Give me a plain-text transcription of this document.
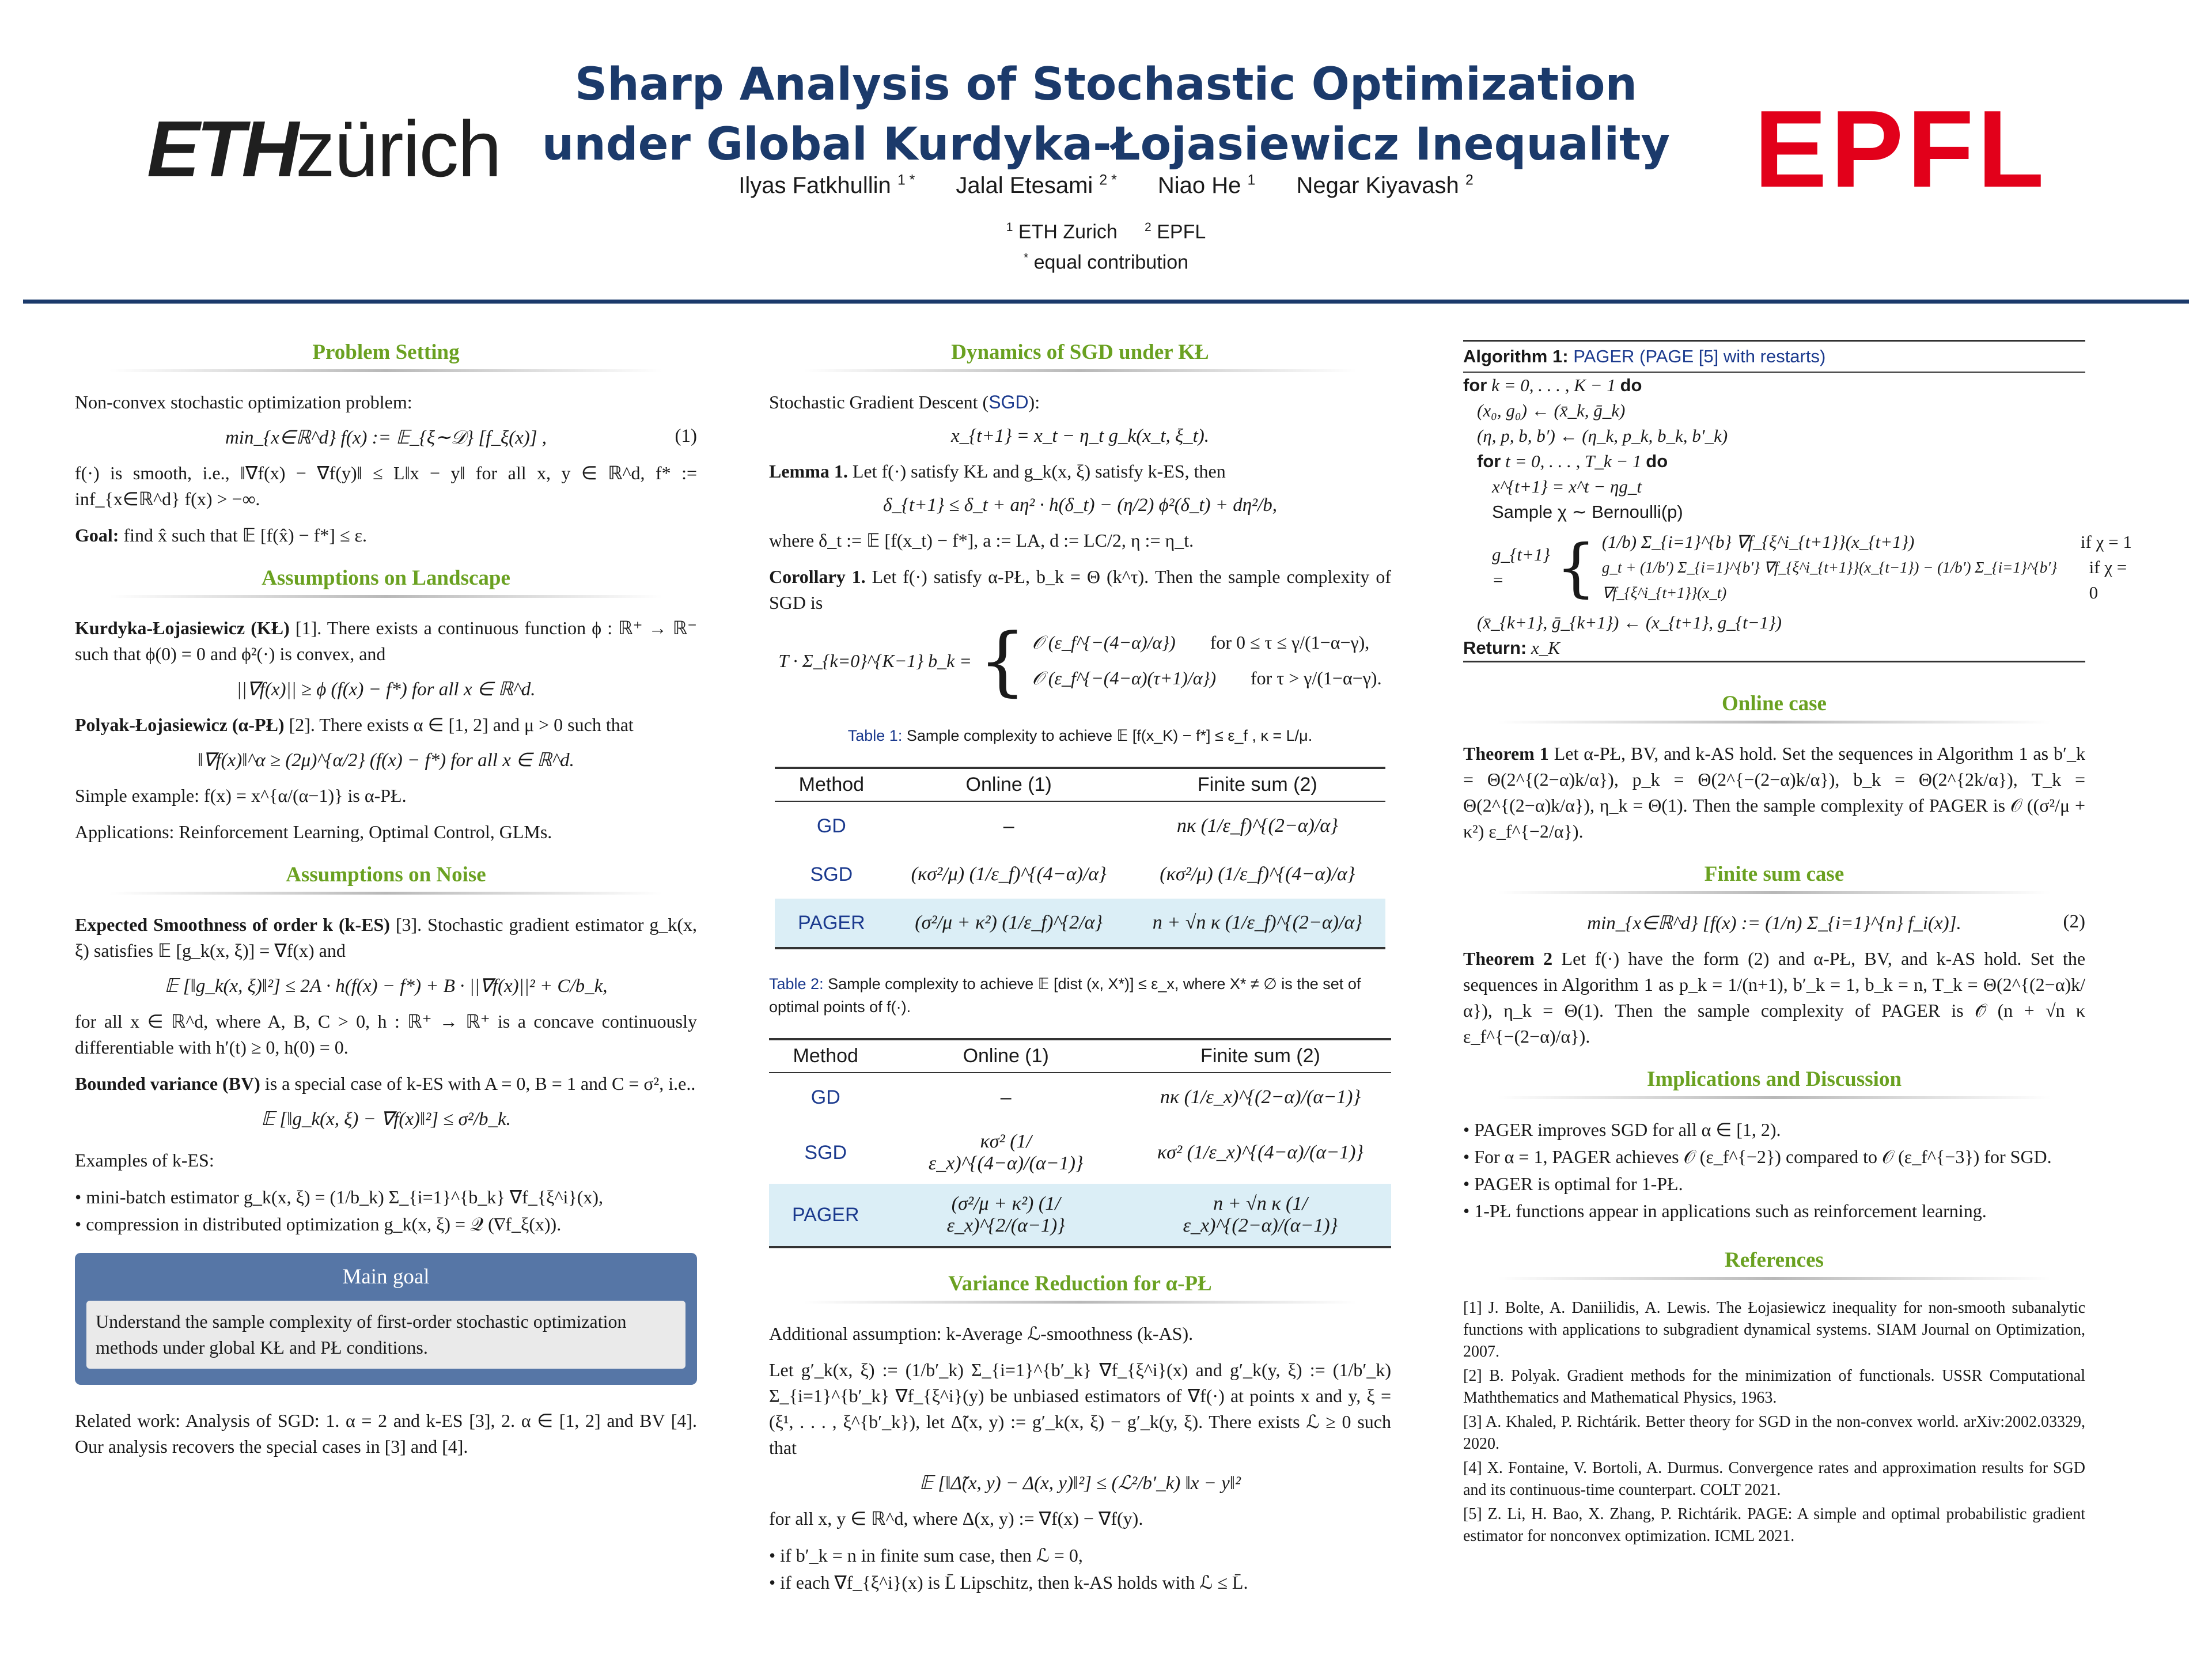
ETHzürich
Sharp Analysis of Stochastic Optimization
under Global Kurdyka-Łojasiewicz Inequality
Ilyas Fatkhullin $^{1 *}$ Jalal Etesami $^{2 *}$ Niao He $^1$ Negar Kiyavash $^2$
$^1$ ETH Zurich $^2$ EPFL
* equal contribution
EPFL
Problem Setting

Non-convex stochastic optimization problem:

min_{x∈ℝ^d} f(x) := 𝔼_{ξ∼𝒟} [f_ξ(x)] ,	(1)

f(·) is smooth, i.e., ‖∇f(x) − ∇f(y)‖ ≤ L‖x − y‖ for all x, y ∈ ℝ^d, f* := inf_{x∈ℝ^d} f(x) > −∞.

Goal: find x̂ such that 𝔼 [f(x̂) − f*] ≤ ε.

Assumptions on Landscape

Kurdyka-Łojasiewicz (KŁ) [1]. There exists a continuous function ϕ : ℝ⁺ → ℝ⁻ such that ϕ(0) = 0 and ϕ²(·) is convex, and

||∇f(x)|| ≥ ϕ (f(x) − f*) for all x ∈ ℝ^d.

Polyak-Łojasiewicz (α-PŁ) [2]. There exists α ∈ [1, 2] and μ > 0 such that

‖∇f(x)‖^α ≥ (2μ)^{α/2} (f(x) − f*) for all x ∈ ℝ^d.

Simple example: f(x) = x^{α/(α−1)} is α-PŁ.

Applications: Reinforcement Learning, Optimal Control, GLMs.

Assumptions on Noise

Expected Smoothness of order k (k-ES) [3]. Stochastic gradient estimator g_k(x, ξ) satisfies 𝔼 [g_k(x, ξ)] = ∇f(x) and

𝔼 [‖g_k(x, ξ)‖²] ≤ 2A · h(f(x) − f*) + B · ||∇f(x)||² + C/b_k,

for all x ∈ ℝ^d, where A, B, C > 0, h : ℝ⁺ → ℝ⁺ is a concave continuously differentiable with h′(t) ≥ 0, h(0) = 0.

Bounded variance (BV) is a special case of k-ES with A = 0, B = 1 and C = σ², i.e..

𝔼 [‖g_k(x, ξ) − ∇f(x)‖²] ≤ σ²/b_k.

Examples of k-ES:

• mini-batch estimator g_k(x, ξ) = (1/b_k) Σ_{i=1}^{b_k} ∇f_{ξ^i}(x),
• compression in distributed optimization g_k(x, ξ) = 𝒬 (∇f_ξ(x)).
Main goal
Understand the sample complexity of first-order stochastic optimization methods under global KŁ and PŁ conditions.

Related work: Analysis of SGD: 1. α = 2 and k-ES [3], 2. α ∈ [1, 2] and BV [4]. Our analysis recovers the special cases in [3] and [4].

Dynamics of SGD under KŁ

Stochastic Gradient Descent (SGD):

x_{t+1} = x_t − η_t g_k(x_t, ξ_t).

Lemma 1. Let f(·) satisfy KŁ and g_k(x, ξ) satisfy k-ES, then

δ_{t+1} ≤ δ_t + aη² · h(δ_t) − (η/2) ϕ²(δ_t) + dη²/b,

where δ_t := 𝔼 [f(x_t) − f*], a := LA, d := LC/2, η := η_t.

Corollary 1. Let f(·) satisfy α-PŁ, b_k = Θ (k^τ). Then the sample complexity of SGD is

T · Σ_{k=0}^{K−1} b_k = { 𝒪 (ε_f^{−(4−α)/α}) for 0 ≤ τ ≤ γ/(1−α−γ),
𝒪 (ε_f^{−(4−α)(τ+1)/α}) for τ > γ/(1−α−γ).

Table 1: Sample complexity to achieve 𝔼 [f(x_K) − f*] ≤ ε_f , κ = L/μ.

Method	Online (1)	Finite sum (2)
GD	–	nκ (1/ε_f)^{(2−α)/α}
SGD	(κσ²/μ) (1/ε_f)^{(4−α)/α}	(κσ²/μ) (1/ε_f)^{(4−α)/α}
PAGER	(σ²/μ + κ²) (1/ε_f)^{2/α}	n + √n κ (1/ε_f)^{(2−α)/α}

Table 2: Sample complexity to achieve 𝔼 [dist (x, X*)] ≤ ε_x, where X* ≠ ∅ is the set of optimal points of f(·).

Method	Online (1)	Finite sum (2)
GD	–	nκ (1/ε_x)^{(2−α)/(α−1)}
SGD	κσ² (1/ε_x)^{(4−α)/(α−1)}	κσ² (1/ε_x)^{(4−α)/(α−1)}
PAGER	(σ²/μ + κ²) (1/ε_x)^{2/(α−1)}	n + √n κ (1/ε_x)^{(2−α)/(α−1)}
Variance Reduction for α-PŁ

Additional assumption: k-Average ℒ-smoothness (k-AS).

Let g′_k(x, ξ) := (1/b′_k) Σ_{i=1}^{b′_k} ∇f_{ξ^i}(x) and g′_k(y, ξ) := (1/b′_k) Σ_{i=1}^{b′_k} ∇f_{ξ^i}(y) be unbiased estimators of ∇f(·) at points x and y, ξ = (ξ¹, . . . , ξ^{b′_k}), let Δ̃(x, y) := g′_k(x, ξ) − g′_k(y, ξ). There exists ℒ ≥ 0 such that

𝔼 [‖Δ̃(x, y) − Δ(x, y)‖²] ≤ (ℒ²/b′_k) ‖x − y‖²

for all x, y ∈ ℝ^d, where Δ(x, y) := ∇f(x) − ∇f(y).

• if b′_k = n in finite sum case, then ℒ = 0,
• if each ∇f_{ξ^i}(x) is L̄ Lipschitz, then k-AS holds with ℒ ≤ L̄.
Algorithm 1: PAGER (PAGE [5] with restarts)
for k = 0, . . . , K − 1 do
(x₀, g₀) ← (x̄_k, ḡ_k)
(η, p, b, b′) ← (η_k, p_k, b_k, b′_k)
for t = 0, . . . , T_k − 1 do
x^{t+1} = x^t − ηg_t
Sample χ ∼ Bernoulli(p)
g_{t+1} = { (1/b) Σ_{i=1}^{b} ∇f_{ξ^i_{t+1}}(x_{t+1})	if χ = 1
g_t + (1/b′) Σ_{i=1}^{b′} ∇f_{ξ^i_{t+1}}(x_{t−1}) − (1/b′) Σ_{i=1}^{b′} ∇f_{ξ^i_{t+1}}(x_t)
if χ = 0
(x̄_{k+1}, ḡ_{k+1}) ← (x_{t+1}, g_{t−1})
Return: x_K
Online case

Theorem 1 Let α-PŁ, BV, and k-AS hold. Set the sequences in Algorithm 1 as b′_k = Θ(2^{(2−α)k/α}), p_k = Θ(2^{−(2−α)k/α}), b_k = Θ(2^{2k/α}), T_k = Θ(2^{(2−α)k/α}), η_k = Θ(1). Then the sample complexity of PAGER is 𝒪 ((σ²/μ + κ²) ε_f^{−2/α}).

Finite sum case
min_{x∈ℝ^d} [f(x) := (1/n) Σ_{i=1}^{n} f_i(x)].	(2)

Theorem 2 Let f(·) have the form (2) and α-PŁ, BV, and k-AS hold. Set the sequences in Algorithm 1 as p_k = 1/(n+1), b′_k = 1, b_k = n, T_k = Θ(2^{(2−α)k/α}), η_k = Θ(1). Then the sample complexity of PAGER is 𝒪̃ (n + √n κ ε_f^{−(2−α)/α}).

Implications and Discussion
• PAGER improves SGD for all α ∈ [1, 2).
• For α = 1, PAGER achieves 𝒪 (ε_f^{−2}) compared to 𝒪 (ε_f^{−3}) for SGD.
• PAGER is optimal for 1-PŁ.
• 1-PŁ functions appear in applications such as reinforcement learning.
References

[1] J. Bolte, A. Daniilidis, A. Lewis. The Łojasiewicz inequality for non-smooth subanalytic functions with applications to subgradient dynamical systems. SIAM Journal on Optimization, 2007.

[2] B. Polyak. Gradient methods for the minimization of functionals. USSR Computational Maththematics and Mathematical Physics, 1963.

[3] A. Khaled, P. Richtárik. Better theory for SGD in the non-convex world. arXiv:2002.03329, 2020.

[4] X. Fontaine, V. Bortoli, A. Durmus. Convergence rates and approximation results for SGD and its continuous-time counterpart. COLT 2021.

[5] Z. Li, H. Bao, X. Zhang, P. Richtárik. PAGE: A simple and optimal probabilistic gradient estimator for nonconvex optimization. ICML 2021.
